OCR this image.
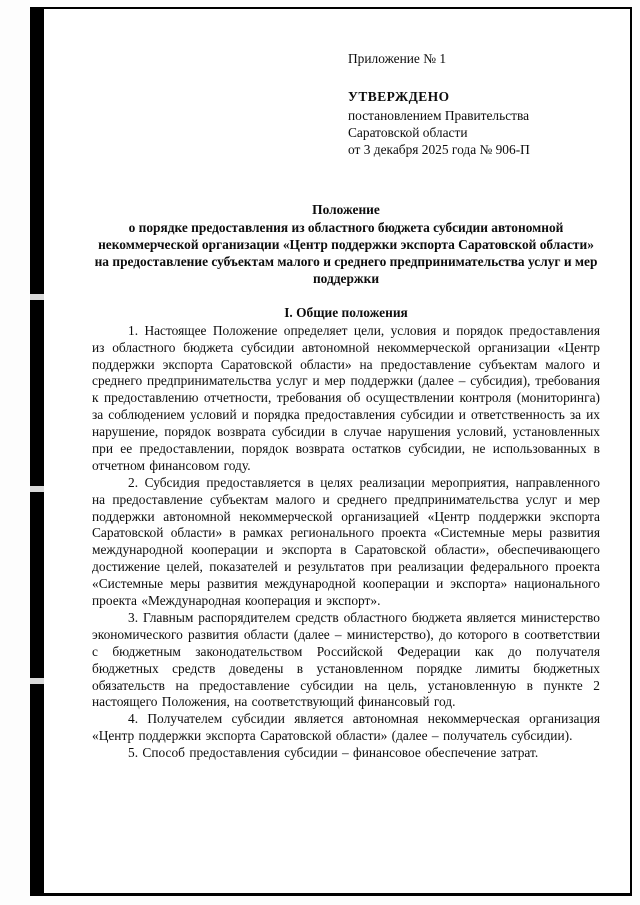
Приложение № 1
УТВЕРЖДЕНО
постановлением Правительства
Саратовской области
от 3 декабря 2025 года № 906-П
Положение
о порядке предоставления из областного бюджета субсидии автономной некоммерческой организации «Центр поддержки экспорта Саратовской области» на предоставление субъектам малого и среднего предпринимательства услуг и мер поддержки
I. Общие положения

1. Настоящее Положение определяет цели, условия и порядок предоставления из областного бюджета субсидии автономной некоммерческой организации «Центр поддержки экспорта Саратовской области» на предоставление субъектам малого и среднего предпринимательства услуг и мер поддержки (далее – субсидия), требования к предоставлению отчетности, требования об осуществлении контроля (мониторинга) за соблюдением условий и порядка предоставления субсидии и ответственность за их нарушение, порядок возврата субсидии в случае нарушения условий, установленных при ее предоставлении, порядок возврата остатков субсидии, не использованных в отчетном финансовом году.

2. Субсидия предоставляется в целях реализации мероприятия, направленного на предоставление субъектам малого и среднего предпринимательства услуг и мер поддержки автономной некоммерческой организацией «Центр поддержки экспорта Саратовской области» в рамках регионального проекта «Системные меры развития международной кооперации и экспорта в Саратовской области», обеспечивающего достижение целей, показателей и результатов при реализации федерального проекта «Системные меры развития международной кооперации и экспорта» национального проекта «Международная кооперация и экспорт».

3. Главным распорядителем средств областного бюджета является министерство экономического развития области (далее – министерство), до которого в соответствии с бюджетным законодательством Российской Федерации как до получателя бюджетных средств доведены в установленном порядке лимиты бюджетных обязательств на предоставление субсидии на цель, установленную в пункте 2 настоящего Положения, на соответствующий финансовый год.

4. Получателем субсидии является автономная некоммерческая организация «Центр поддержки экспорта Саратовской области» (далее – получатель субсидии).

5. Способ предоставления субсидии – финансовое обеспечение затрат.
